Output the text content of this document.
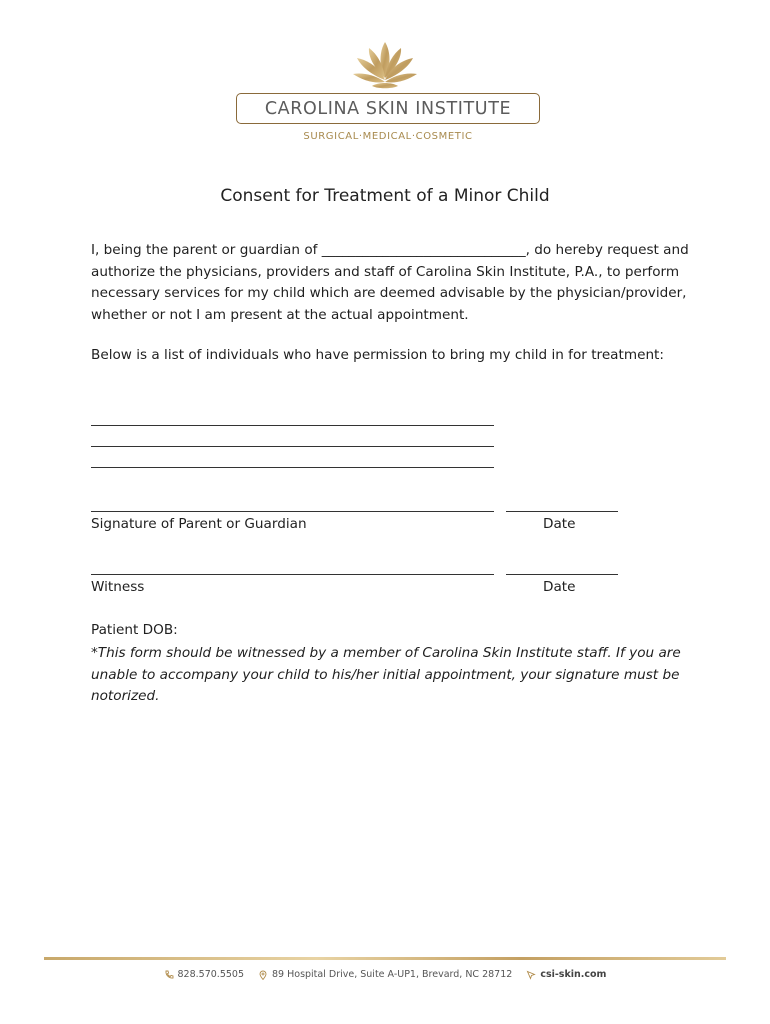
CAROLINA SKIN INSTITUTE
SURGICAL·MEDICAL·COSMETIC
Consent for Treatment of a Minor Child
I, being the parent or guardian of ______________________________, do hereby request and authorize the physicians, providers and staff of Carolina Skin Institute, P.A., to perform necessary services for my child which are deemed advisable by the physician/provider, whether or not I am present at the actual appointment.
Below is a list of individuals who have permission to bring my child in for treatment:
Signature of Parent or Guardian	Date
Witness	Date
Patient DOB:
*This form should be witnessed by a member of Carolina Skin Institute staff. If you are unable to accompany your child to his/her initial appointment, your signature must be notorized.
828.570.5505	89 Hospital Drive, Suite A-UP1, Brevard, NC 28712	csi-skin.com
